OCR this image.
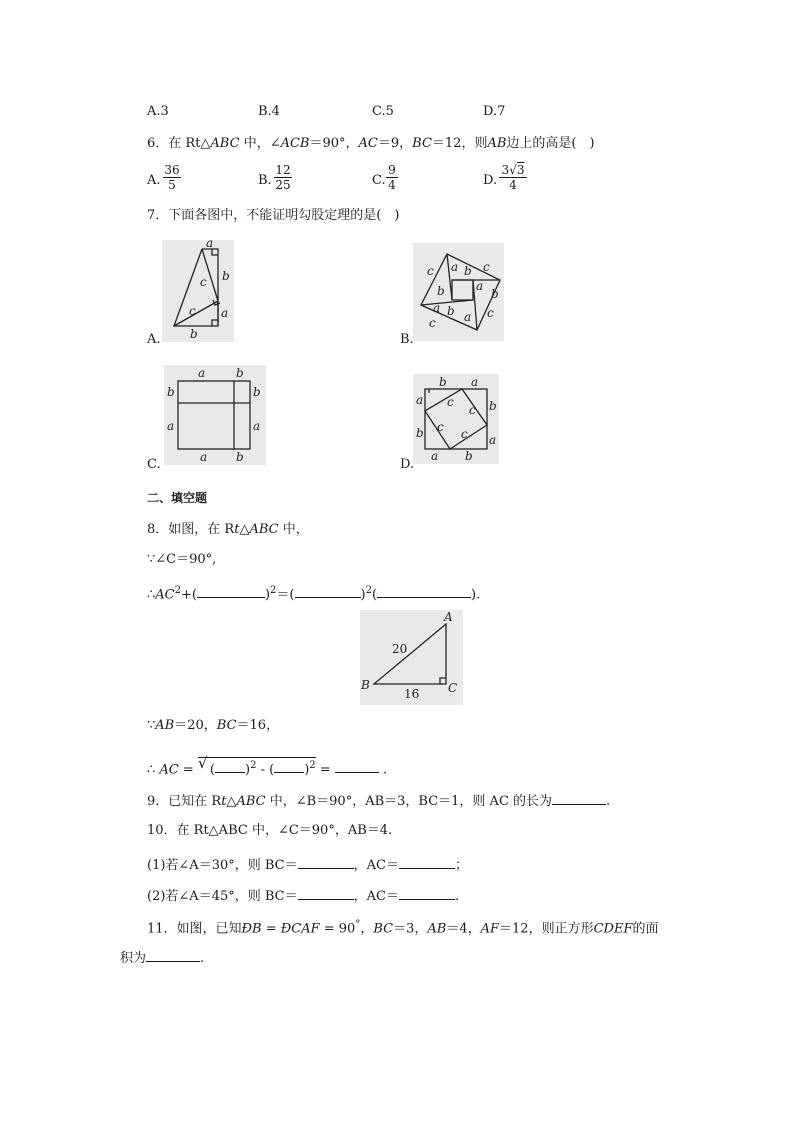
A.3	B.4	C.5	D.7
6．在 Rt△ABC 中，∠ACB＝90°，AC＝9，BC＝12，则AB边上的高是(　)
A. $\frac{36}{5}$	B. $\frac{12}{25}$	C. $\frac{9}{4}$	D. $\frac{3√3}{4}$
7．下面各图中，不能证明勾股定理的是(　)
a
b
c
c a
b
A.
c a c
b
b	a
b
a b a c
c
B.
a	b
b	b
a	a
a b
C.
b a
a	b
c
c
c c
b	a
a b
D.
二、填空题
8．如图，在 Rt△ABC 中，
∵∠C＝90°,
$\therefore AC^2+$(	)$^2$＝(	)$^2$(	).
A
B	C
20
16
∵AB＝20，BC＝16，
∴ AC = √ ( )$^2$ - ( )$^2$ =	.
9．已知在 Rt△ABC 中，∠B＝90°，AB＝3，BC＝1，则 AC 的长为	.
10．在 Rt△ABC 中，∠C＝90°，AB＝4.
(1)若∠A＝30°，则 BC＝	，AC＝	；
(2)若∠A＝45°，则 BC＝	，AC＝	.
11．如图，已知ÐB = ÐCAF = 90°，BC＝3，AB＝4，AF＝12，则正方形CDEF的面
积为	.
